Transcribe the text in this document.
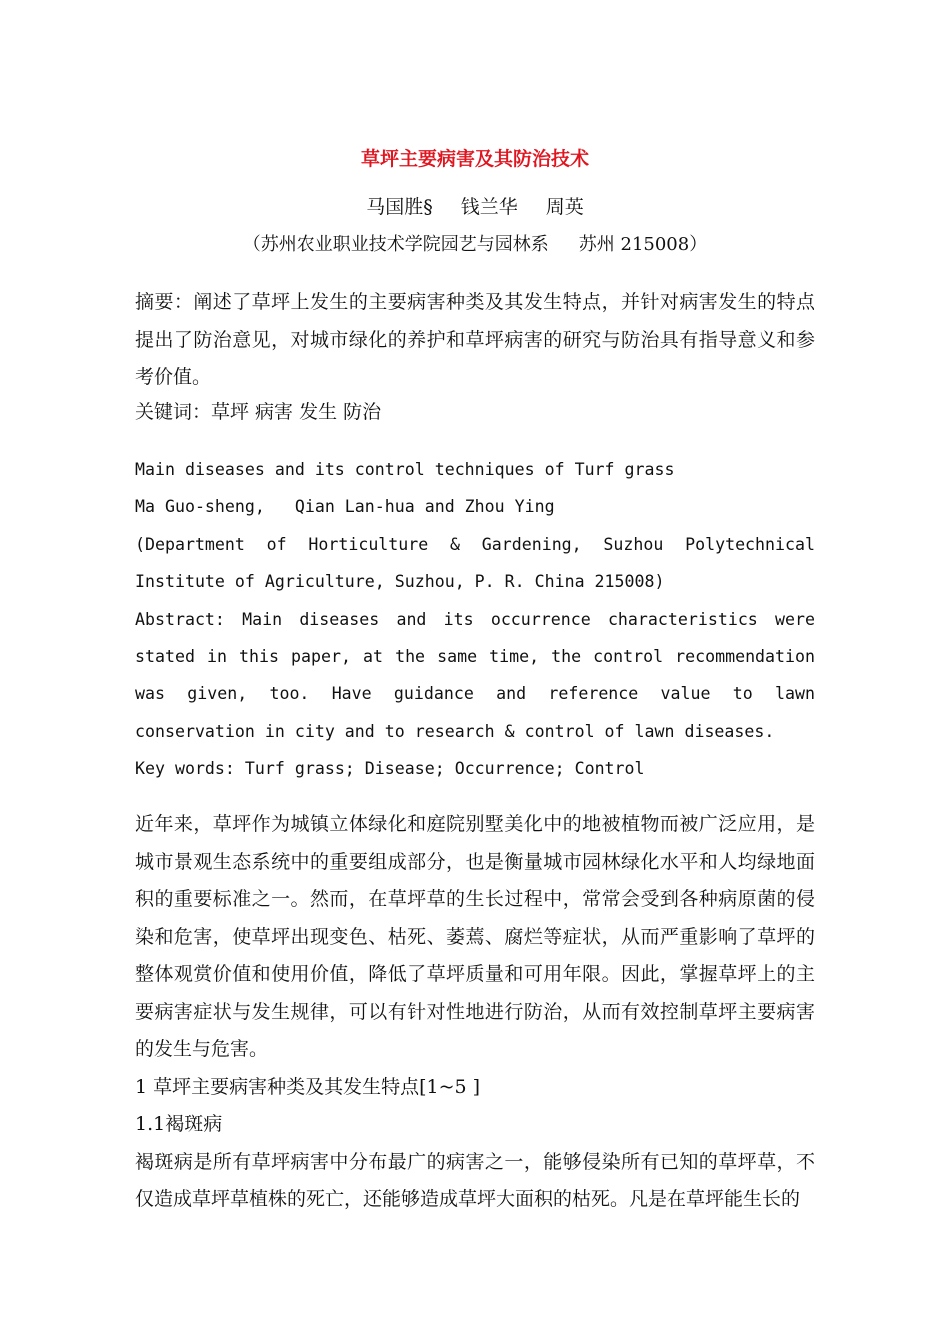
草坪主要病害及其防治技术
马国胜§ 钱兰华 周英
（苏州农业职业技术学院园艺与园林系 苏州 215008）

摘要：阐述了草坪上发生的主要病害种类及其发生特点，并针对病害发生的特点提出了防治意见，对城市绿化的养护和草坪病害的研究与防治具有指导意义和参考价值。

关键词：草坪 病害 发生 防治

Main diseases and its control techniques of Turf grass

Ma Guo-sheng,   Qian Lan-hua and Zhou Ying

(Department of Horticulture & Gardening, Suzhou Polytechnical Institute of Agriculture, Suzhou, P. R. China 215008)

Abstract: Main diseases and its occurrence characteristics were stated in this paper, at the same time, the control recommendation was given, too. Have guidance and reference value to lawn conservation in city and to research & control of lawn diseases.

Key words: Turf grass; Disease; Occurrence; Control

近年来，草坪作为城镇立体绿化和庭院别墅美化中的地被植物而被广泛应用，是城市景观生态系统中的重要组成部分，也是衡量城市园林绿化水平和人均绿地面积的重要标准之一。然而，在草坪草的生长过程中，常常会受到各种病原菌的侵染和危害，使草坪出现变色、枯死、萎蔫、腐烂等症状，从而严重影响了草坪的整体观赏价值和使用价值，降低了草坪质量和可用年限。因此，掌握草坪上的主要病害症状与发生规律，可以有针对性地进行防治，从而有效控制草坪主要病害的发生与危害。

1 草坪主要病害种类及其发生特点[1~5 ]

1.1褐斑病

褐斑病是所有草坪病害中分布最广的病害之一，能够侵染所有已知的草坪草，不仅造成草坪草植株的死亡，还能够造成草坪大面积的枯死。凡是在草坪能生长的
